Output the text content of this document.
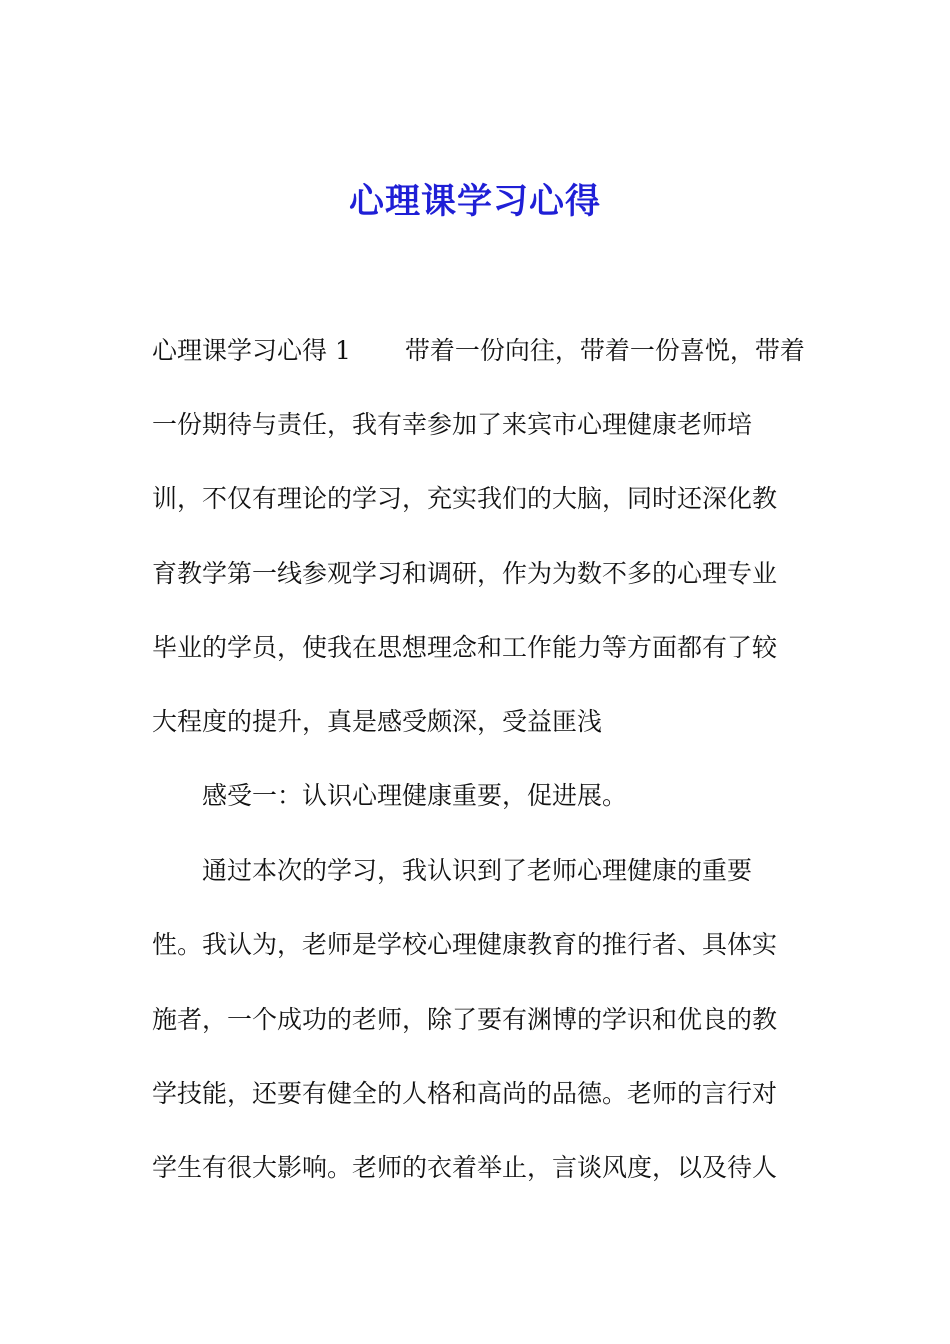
心理课学习心得
心理课学习心得 1 带着一份向往，带着一份喜悦，带着
一份期待与责任，我有幸参加了来宾市心理健康老师培
训，不仅有理论的学习，充实我们的大脑，同时还深化教
育教学第一线参观学习和调研，作为为数不多的心理专业
毕业的学员，使我在思想理念和工作能力等方面都有了较
大程度的提升，真是感受颇深，受益匪浅
感受一：认识心理健康重要，促进展。
通过本次的学习，我认识到了老师心理健康的重要
性。我认为，老师是学校心理健康教育的推行者、具体实
施者，一个成功的老师，除了要有渊博的学识和优良的教
学技能，还要有健全的人格和高尚的品德。老师的言行对
学生有很大影响。老师的衣着举止，言谈风度，以及待人
